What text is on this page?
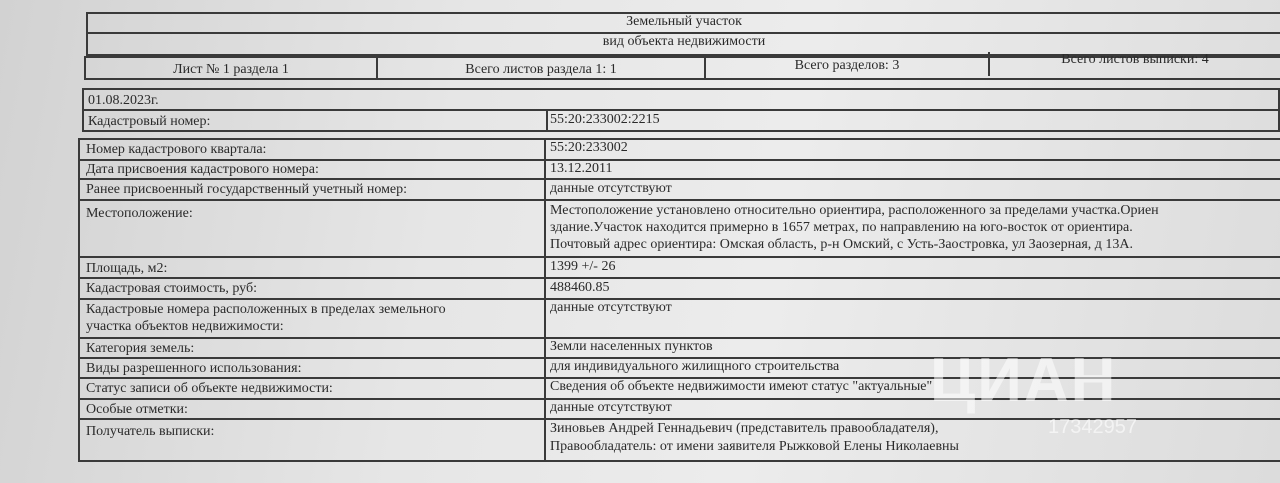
Земельный участок
вид объекта недвижимости
Лист № 1 раздела 1	Всего листов раздела 1: 1	Всего разделов: 3	Всего листов выписки: 4
01.08.2023г.
Кадастровый номер:	55:20:233002:2215
Номер кадастрового квартала:	55:20:233002
Дата присвоения кадастрового номера:	13.12.2011
Ранее присвоенный государственный учетный номер:	данные отсутствуют
Местоположение:	Местоположение установлено относительно ориентира, расположенного за пределами участка.Ориен
здание.Участок находится примерно в 1657 метрах, по направлению на юго-восток от ориентира.
Почтовый адрес ориентира: Омская область, р-н Омский, с Усть-Заостровка, ул Заозерная, д 13А.
Площадь, м2:	1399 +/- 26
Кадастровая стоимость, руб:	488460.85
Кадастровые номера расположенных в пределах земельного
участка объектов недвижимости:
данные отсутствуют
Категория земель:	Земли населенных пунктов
Виды разрешенного использования:	для индивидуального жилищного строительства
Статус записи об объекте недвижимости:	Сведения об объекте недвижимости имеют статус "актуальные"
Особые отметки:	данные отсутствуют
Получатель выписки:	Зиновьев Андрей Геннадьевич (представитель правообладателя),
Правообладатель: от имени заявителя Рыжковой Елены Николаевны
ЦИАН
17342957
